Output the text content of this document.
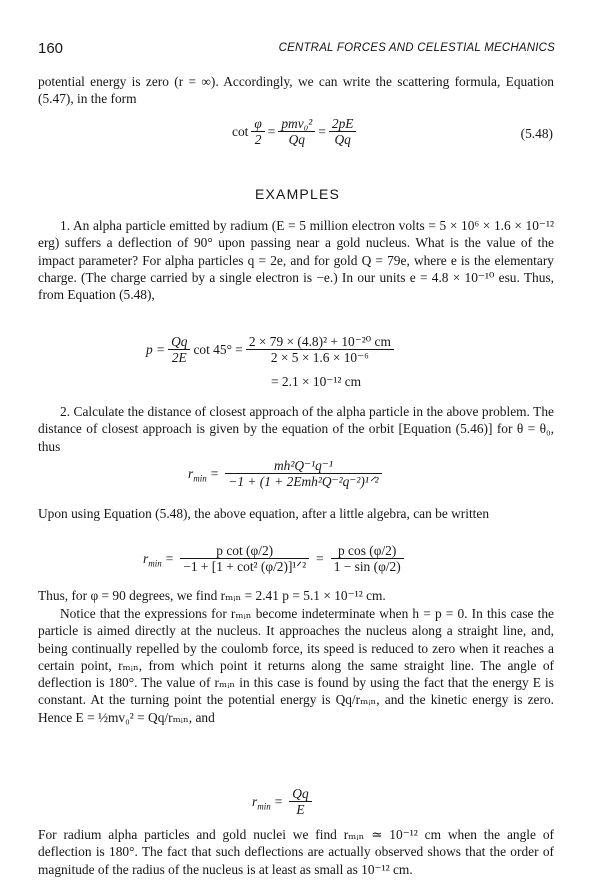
160	CENTRAL FORCES AND CELESTIAL MECHANICS
potential energy is zero (r = ∞). Accordingly, we can write the scattering formula, Equation (5.47), in the form
$\cot \frac{\varphi}{2} = \frac{\text{pmv₀²}}{Qq} = \frac{2pE}{Qq}$	(5.48)
EXAMPLES
1. An alpha particle emitted by radium (E = 5 million electron volts = 5 × 10⁶ × 1.6 × 10⁻¹² erg) suffers a deflection of 90° upon passing near a gold nucleus. What is the value of the impact parameter? For alpha particles q = 2e, and for gold Q = 79e, where e is the elementary charge. (The charge carried by a single electron is −e.) In our units e = 4.8 × 10⁻¹⁰ esu. Thus, from Equation (5.48),
$p = \frac{Qq}{2E}$ $\cot 45^\circ = \frac{\text{2 × 79 × (4.8)² + 10⁻²⁰ cm}}{\text{2 × 5 × 1.6 × 10⁻⁶}}$
= 2.1 × 10⁻¹² cm
2. Calculate the distance of closest approach of the alpha particle in the above problem. The distance of closest approach is given by the equation of the orbit [Equation (5.46)] for θ = θ₀, thus
$r_{min} = \frac{\text{mh²Q⁻¹q⁻¹}}{\text{−1 + (1 + 2Emh²Q⁻²q⁻²)¹ᐟ²}}$
Upon using Equation (5.48), the above equation, after a little algebra, can be written
$r_{min} = \frac{\text{p cot (φ/2)}}{\text{−1 + [1 + cot² (φ/2)]¹ᐟ²}} = \frac{\text{p cos (φ/2)}}{1 - \sin (\varphi/2)}$
Thus, for φ = 90 degrees, we find rₘᵢₙ = 2.41 p = 5.1 × 10⁻¹² cm.
Notice that the expressions for rₘᵢₙ become indeterminate when h = p = 0. In this case the particle is aimed directly at the nucleus. It approaches the nucleus along a straight line, and, being continually repelled by the coulomb force, its speed is reduced to zero when it reaches a certain point, rₘᵢₙ, from which point it returns along the same straight line. The angle of deflection is 180°. The value of rₘᵢₙ in this case is found by using the fact that the energy E is constant. At the turning point the potential energy is Qq/rₘᵢₙ, and the kinetic energy is zero. Hence E = ½mv₀² = Qq/rₘᵢₙ, and
$r_{min} = \frac{Qq}{E}$
For radium alpha particles and gold nuclei we find rₘᵢₙ ≃ 10⁻¹² cm when the angle of deflection is 180°. The fact that such deflections are actually observed shows that the order of magnitude of the radius of the nucleus is at least as small as 10⁻¹² cm.
